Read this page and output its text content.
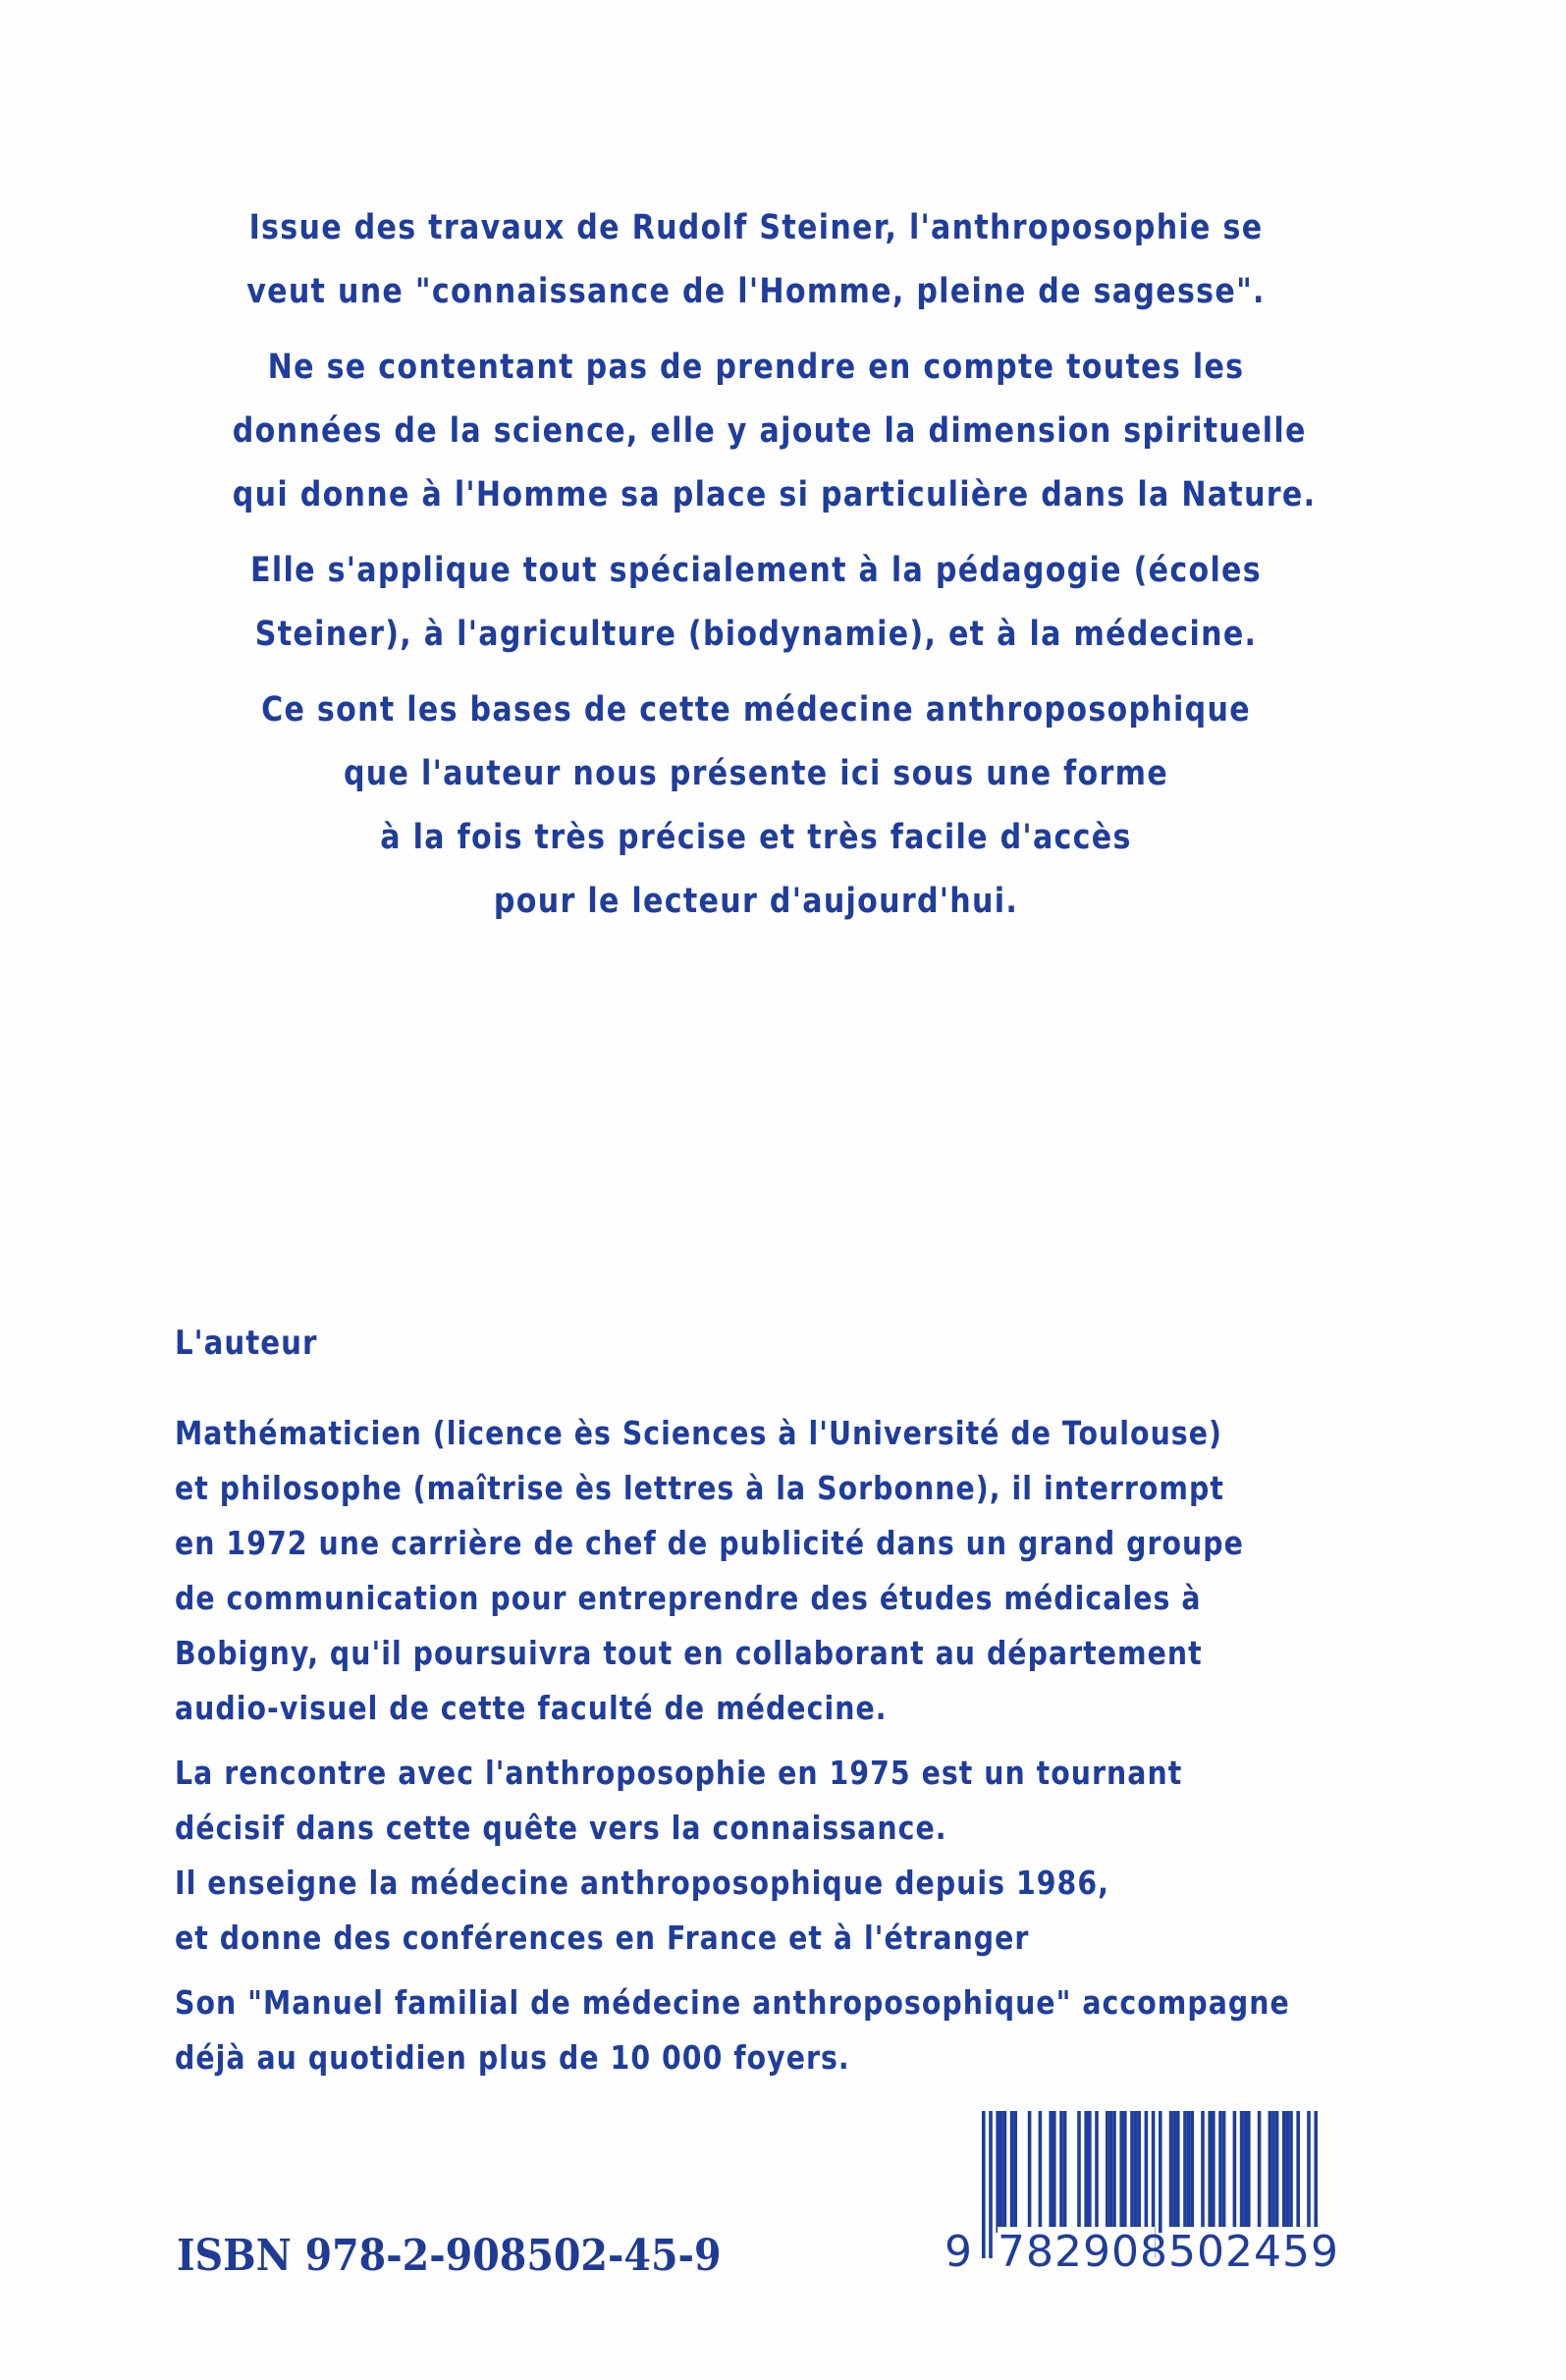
Issue des travaux de Rudolf Steiner, l'anthroposophie se
veut une "connaissance de l'Homme, pleine de sagesse".
Ne se contentant pas de prendre en compte toutes les
données de la science, elle y ajoute la dimension spirituelle
qui donne à l'Homme sa place si particulière dans la Nature.
Elle s'applique tout spécialement à la pédagogie (écoles
Steiner), à l'agriculture (biodynamie), et à la médecine.
Ce sont les bases de cette médecine anthroposophique
que l'auteur nous présente ici sous une forme
à la fois très précise et très facile d'accès
pour le lecteur d'aujourd'hui.
L'auteur
Mathématicien (licence ès Sciences à l'Université de Toulouse)
et philosophe (maîtrise ès lettres à la Sorbonne), il interrompt
en 1972 une carrière de chef de publicité dans un grand groupe
de communication pour entreprendre des études médicales à
Bobigny, qu'il poursuivra tout en collaborant au département
audio-visuel de cette faculté de médecine.
La rencontre avec l'anthroposophie en 1975 est un tournant
décisif dans cette quête vers la connaissance.
Il enseigne la médecine anthroposophique depuis 1986,
et donne des conférences en France et à l'étranger
Son "Manuel familial de médecine anthroposophique" accompagne
déjà au quotidien plus de 10 000 foyers.
ISBN 978-2-908502-45-9	9 782908 502459
